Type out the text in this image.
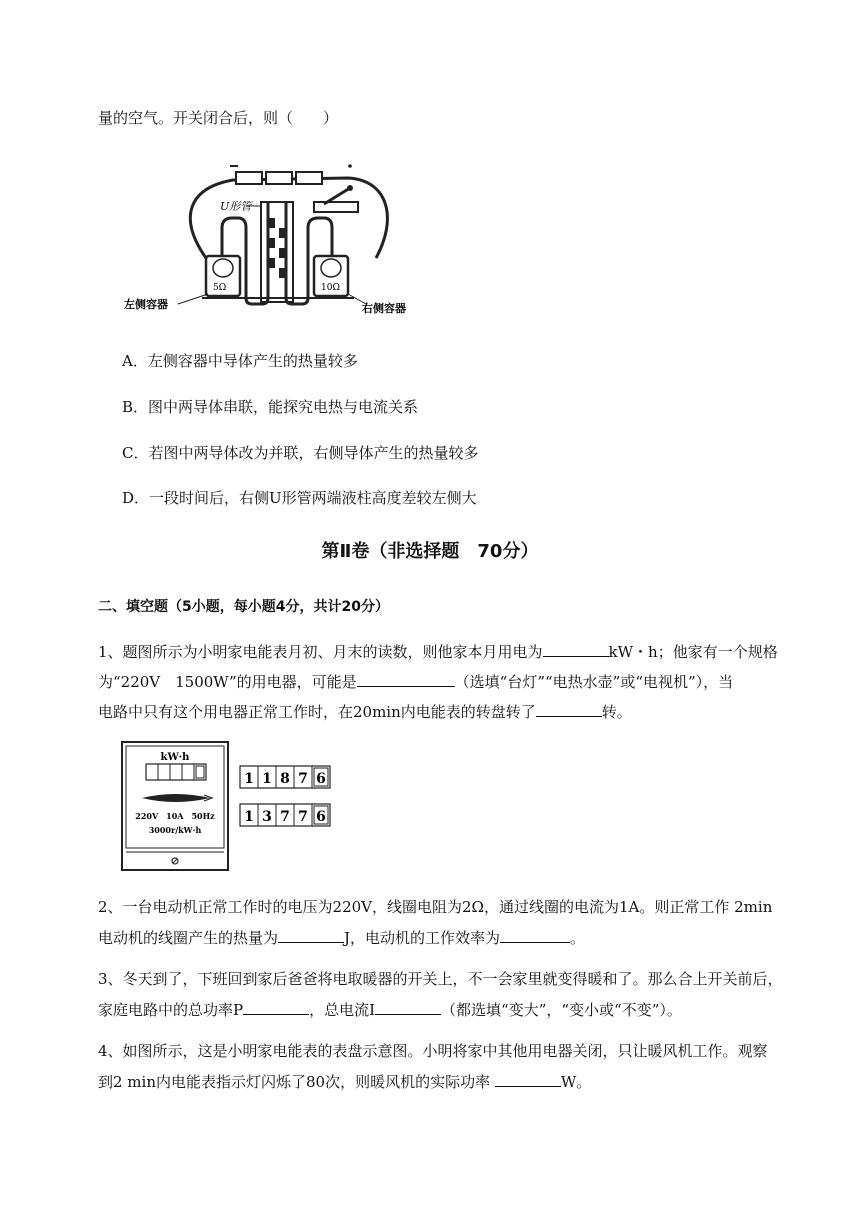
量的空气。开关闭合后，则（　　）
U形管
5Ω	10Ω
左侧容器	右侧容器
A．左侧容器中导体产生的热量较多
B．图中两导体串联，能探究电热与电流关系
C．若图中两导体改为并联，右侧导体产生的热量较多
D．一段时间后，右侧U形管两端液柱高度差较左侧大
第Ⅱ卷（非选择题　70分）
二、填空题（5小题，每小题4分，共计20分）
1、题图所示为小明家电能表月初、月末的读数，则他家本月用电为	kW・h；他家有一个规格
为“220V　1500W”的用电器，可能是	（选填“台灯”“电热水壶”或“电视机”），当
电路中只有这个用电器正常工作时，在20min内电能表的转盘转了	转。
kW·h
220V　10A　50Hz
3000r/kW·h
1 1 8 7 6
1 3 7 7 6
2、一台电动机正常工作时的电压为220V，线圈电阻为2Ω，通过线圈的电流为1A。则正常工作 2min
电动机的线圈产生的热量为	J，电动机的工作效率为	。
3、冬天到了，下班回到家后爸爸将电取暖器的开关上，不一会家里就变得暖和了。那么合上开关前后，
家庭电路中的总功率P	，总电流I	（都选填“变大”，“变小或“不变”）。
4、如图所示，这是小明家电能表的表盘示意图。小明将家中其他用电器关闭，只让暖风机工作。观察
到2 min内电能表指示灯闪烁了80次，则暖风机的实际功率	W。
